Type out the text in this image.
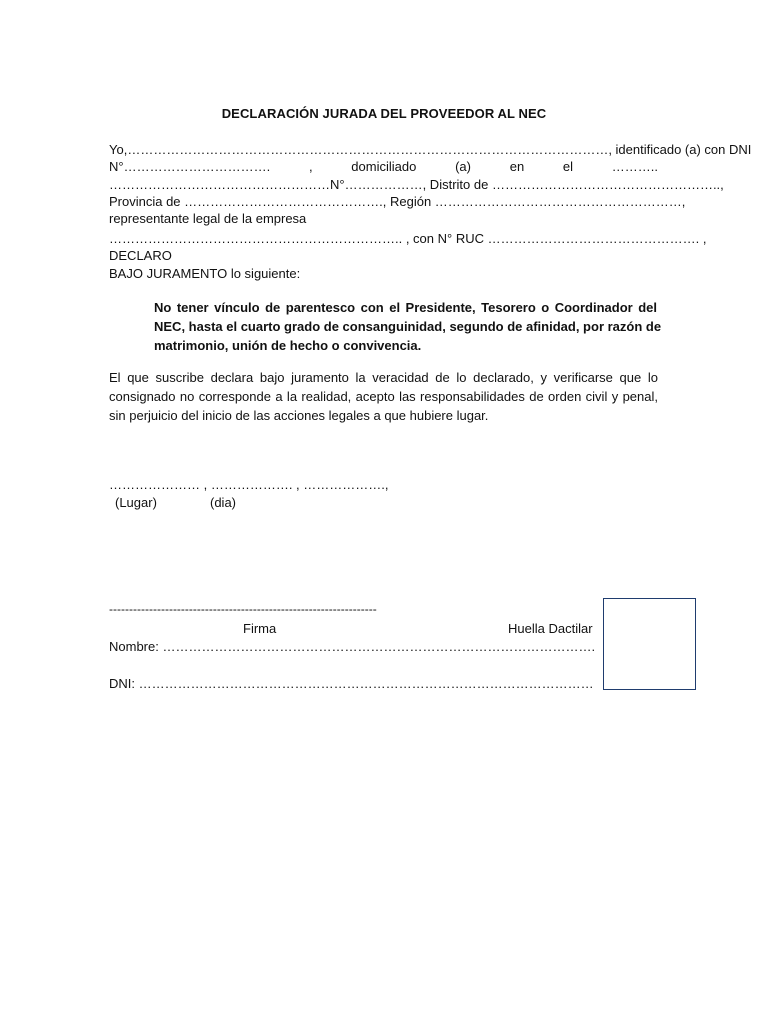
DECLARACIÓN JURADA DEL PROVEEDOR AL NEC
Yo,…………………………………………………………………………………………………, identificado (a) con DNI
N°……………………………. , domiciliado (a) en el ………..
……………………………………………N°………………, Distrito de ……………………………………………..,
Provincia de ………………………………………., Región …………………………………………………,
representante legal de la empresa
………………………………………………………….. , con N° RUC …………………………………………. ,
DECLARO
BAJO JURAMENTO lo siguiente:
No tener vínculo de parentesco con el Presidente, Tesorero o Coordinador del
NEC, hasta el cuarto grado de consanguinidad, segundo de afinidad, por razón de
matrimonio, unión de hecho o convivencia.
El que suscribe declara bajo juramento la veracidad de lo declarado, y verificarse que lo
consignado no corresponde a la realidad, acepto las responsabilidades de orden civil y penal,
sin perjuicio del inicio de las acciones legales a que hubiere lugar.
………………… , ………………. , ……………….,
(Lugar)	(dia)
-------------------------------------------------------------------
Firma	Huella Dactilar
Nombre: ……………………………………………………………………………………….
DNI: ……………………………………………………………………………………………
